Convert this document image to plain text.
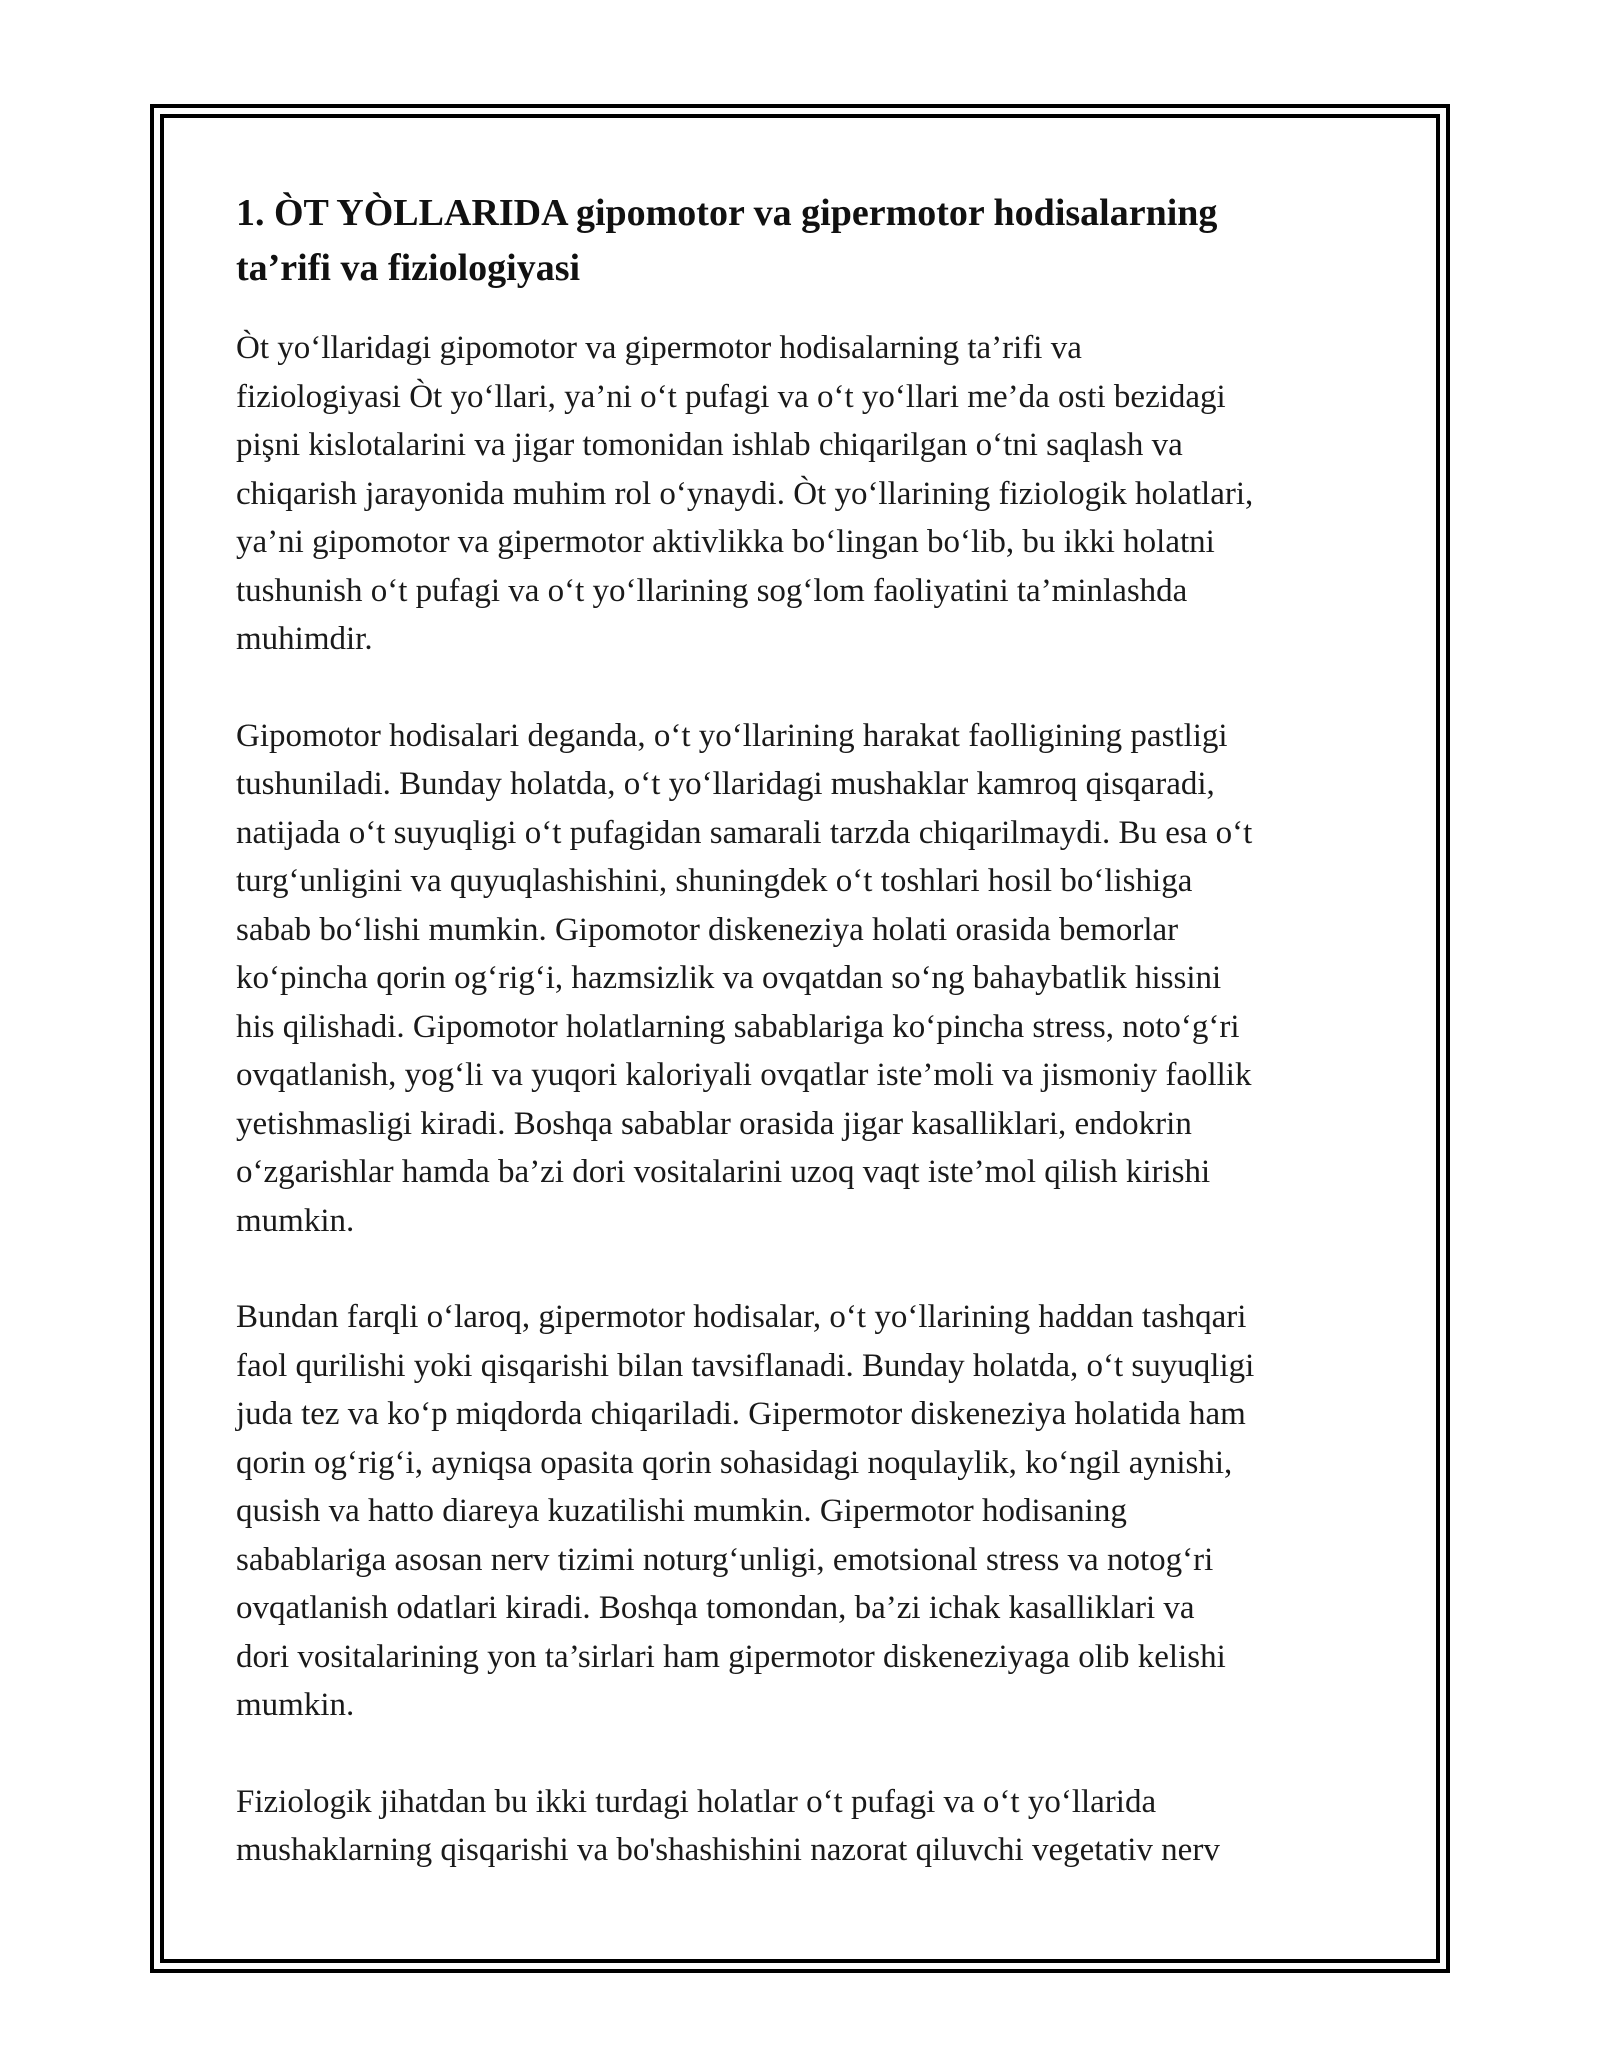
1. ÒT YÒLLARIDA gipomotor va gipermotor hodisalarning
ta’rifi va fiziologiyasi

Òt yo‘llaridagi gipomotor va gipermotor hodisalarning ta’rifi va
fiziologiyasi Òt yo‘llari, ya’ni o‘t pufagi va o‘t yo‘llari me’da osti bezidagi
pişni kislotalarini va jigar tomonidan ishlab chiqarilgan o‘tni saqlash va
chiqarish jarayonida muhim rol o‘ynaydi. Òt yo‘llarining fiziologik holatlari,
ya’ni gipomotor va gipermotor aktivlikka bo‘lingan bo‘lib, bu ikki holatni
tushunish o‘t pufagi va o‘t yo‘llarining sog‘lom faoliyatini ta’minlashda
muhimdir.

Gipomotor hodisalari deganda, o‘t yo‘llarining harakat faolligining pastligi
tushuniladi. Bunday holatda, o‘t yo‘llaridagi mushaklar kamroq qisqaradi,
natijada o‘t suyuqligi o‘t pufagidan samarali tarzda chiqarilmaydi. Bu esa o‘t
turg‘unligini va quyuqlashishini, shuningdek o‘t toshlari hosil bo‘lishiga
sabab bo‘lishi mumkin. Gipomotor diskeneziya holati orasida bemorlar
ko‘pincha qorin og‘rig‘i, hazmsizlik va ovqatdan so‘ng bahaybatlik hissini
his qilishadi. Gipomotor holatlarning sabablariga ko‘pincha stress, noto‘g‘ri
ovqatlanish, yog‘li va yuqori kaloriyali ovqatlar iste’moli va jismoniy faollik
yetishmasligi kiradi. Boshqa sabablar orasida jigar kasalliklari, endokrin
o‘zgarishlar hamda ba’zi dori vositalarini uzoq vaqt iste’mol qilish kirishi
mumkin.

Bundan farqli o‘laroq, gipermotor hodisalar, o‘t yo‘llarining haddan tashqari
faol qurilishi yoki qisqarishi bilan tavsiflanadi. Bunday holatda, o‘t suyuqligi
juda tez va ko‘p miqdorda chiqariladi. Gipermotor diskeneziya holatida ham
qorin og‘rig‘i, ayniqsa opasita qorin sohasidagi noqulaylik, ko‘ngil aynishi,
qusish va hatto diareya kuzatilishi mumkin. Gipermotor hodisaning
sabablariga asosan nerv tizimi noturg‘unligi, emotsional stress va notog‘ri
ovqatlanish odatlari kiradi. Boshqa tomondan, ba’zi ichak kasalliklari va
dori vositalarining yon ta’sirlari ham gipermotor diskeneziyaga olib kelishi
mumkin.

Fiziologik jihatdan bu ikki turdagi holatlar o‘t pufagi va o‘t yo‘llarida
mushaklarning qisqarishi va bo'shashishini nazorat qiluvchi vegetativ nerv
